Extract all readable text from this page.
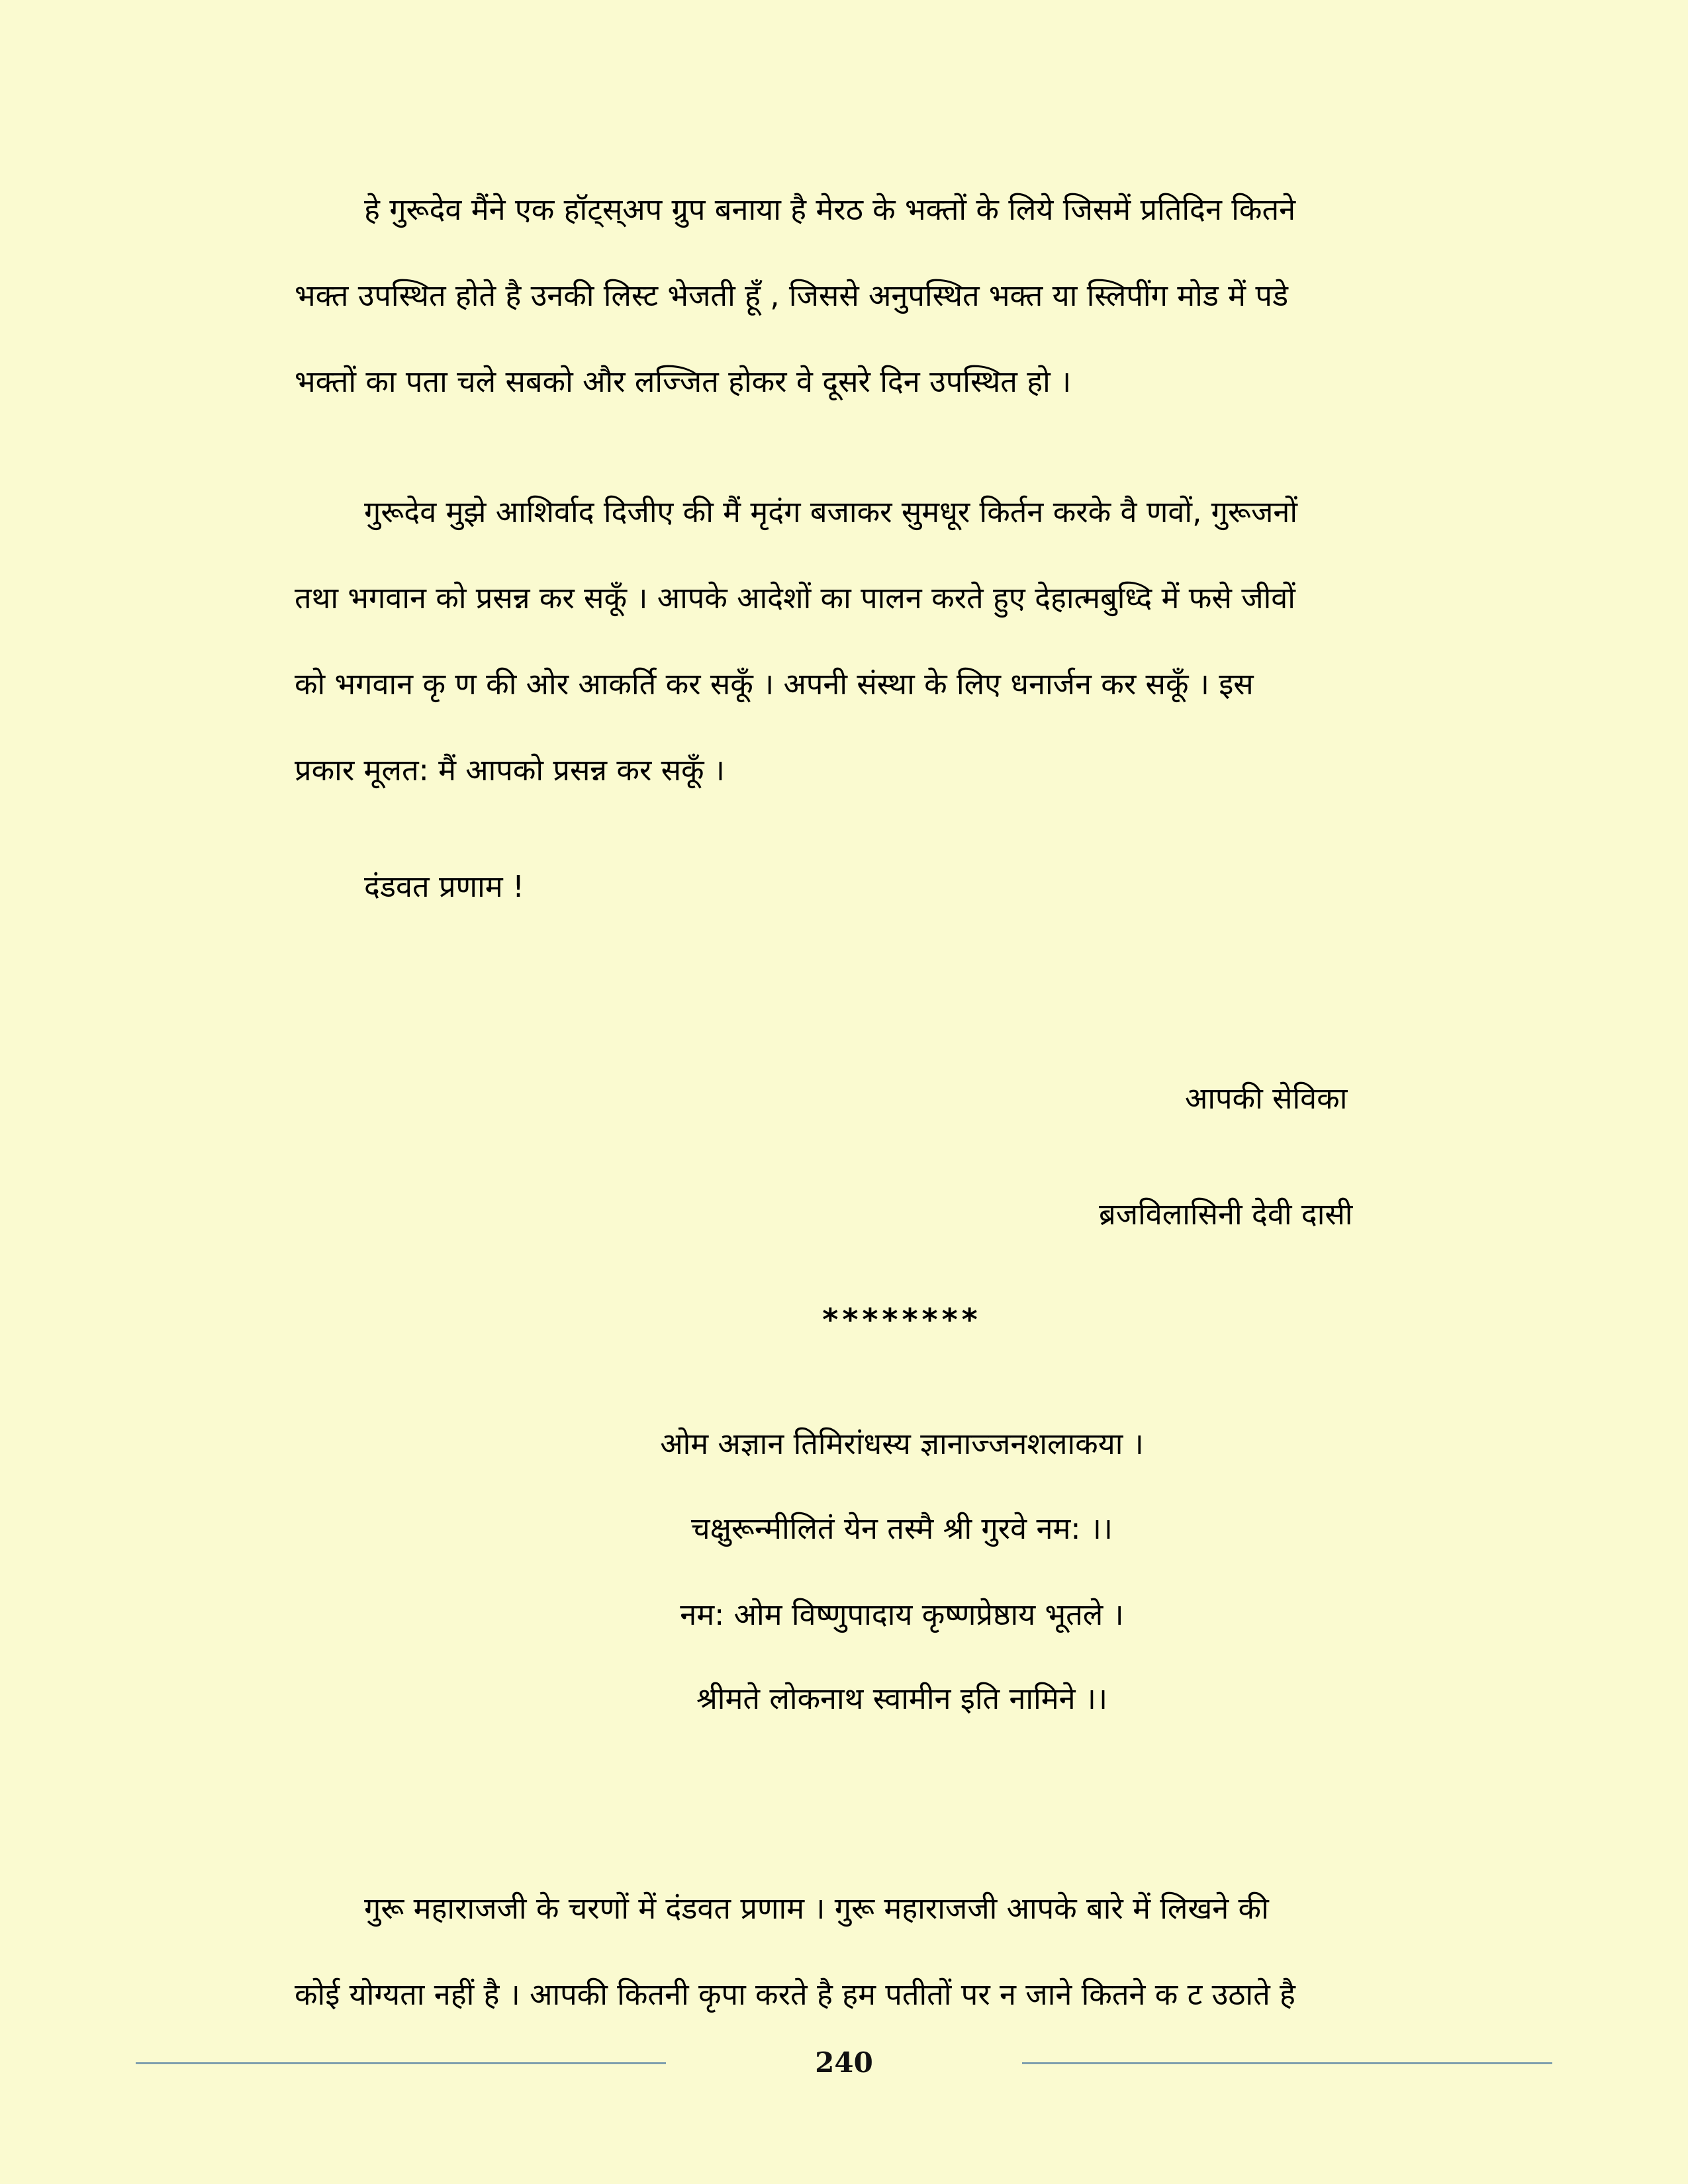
हे गुरूदेव मैंने एक हॉट्स्अप ग्रुप बनाया है मेरठ के भक्तों के लिये जिसमें प्रतिदिन कितने
भक्त उपस्थित होते है उनकी लिस्ट भेजती हूँ , जिससे अनुपस्थित भक्त या स्लिपींग मोड में पडे
भक्तों का पता चले सबको और लज्जित होकर वे दूसरे दिन उपस्थित हो ।
गुरूदेव मुझे आशिर्वाद दिजीए की मैं मृदंग बजाकर सुमधूर किर्तन करके वै णवों, गुरूजनों
तथा भगवान को प्रसन्न कर सकूँ । आपके आदेशों का पालन करते हुए देहात्मबुध्दि में फसे जीवों
को भगवान कृ ण की ओर आकर्ति कर सकूँ । अपनी संस्था के लिए धनार्जन कर सकूँ । इस
प्रकार मूलत: मैं आपको प्रसन्न कर सकूँ ।
दंडवत प्रणाम !
आपकी सेविका
ब्रजविलासिनी देवी दासी
********
ओम अज्ञान तिमिरांधस्य ज्ञानाज्जनशलाकया ।
चक्षुरून्मीलितं येन तस्मै श्री गुरवे नम: ।।
नम: ओम विष्णुपादाय कृष्णप्रेष्ठाय भूतले ।
श्रीमते लोकनाथ स्वामीन इति नामिने ।।
गुरू महाराजजी के चरणों में दंडवत प्रणाम । गुरू महाराजजी आपके बारे में लिखने की
कोई योग्यता नहीं है । आपकी कितनी कृपा करते है हम पतीतों पर न जाने कितने क ट उठाते है
240
